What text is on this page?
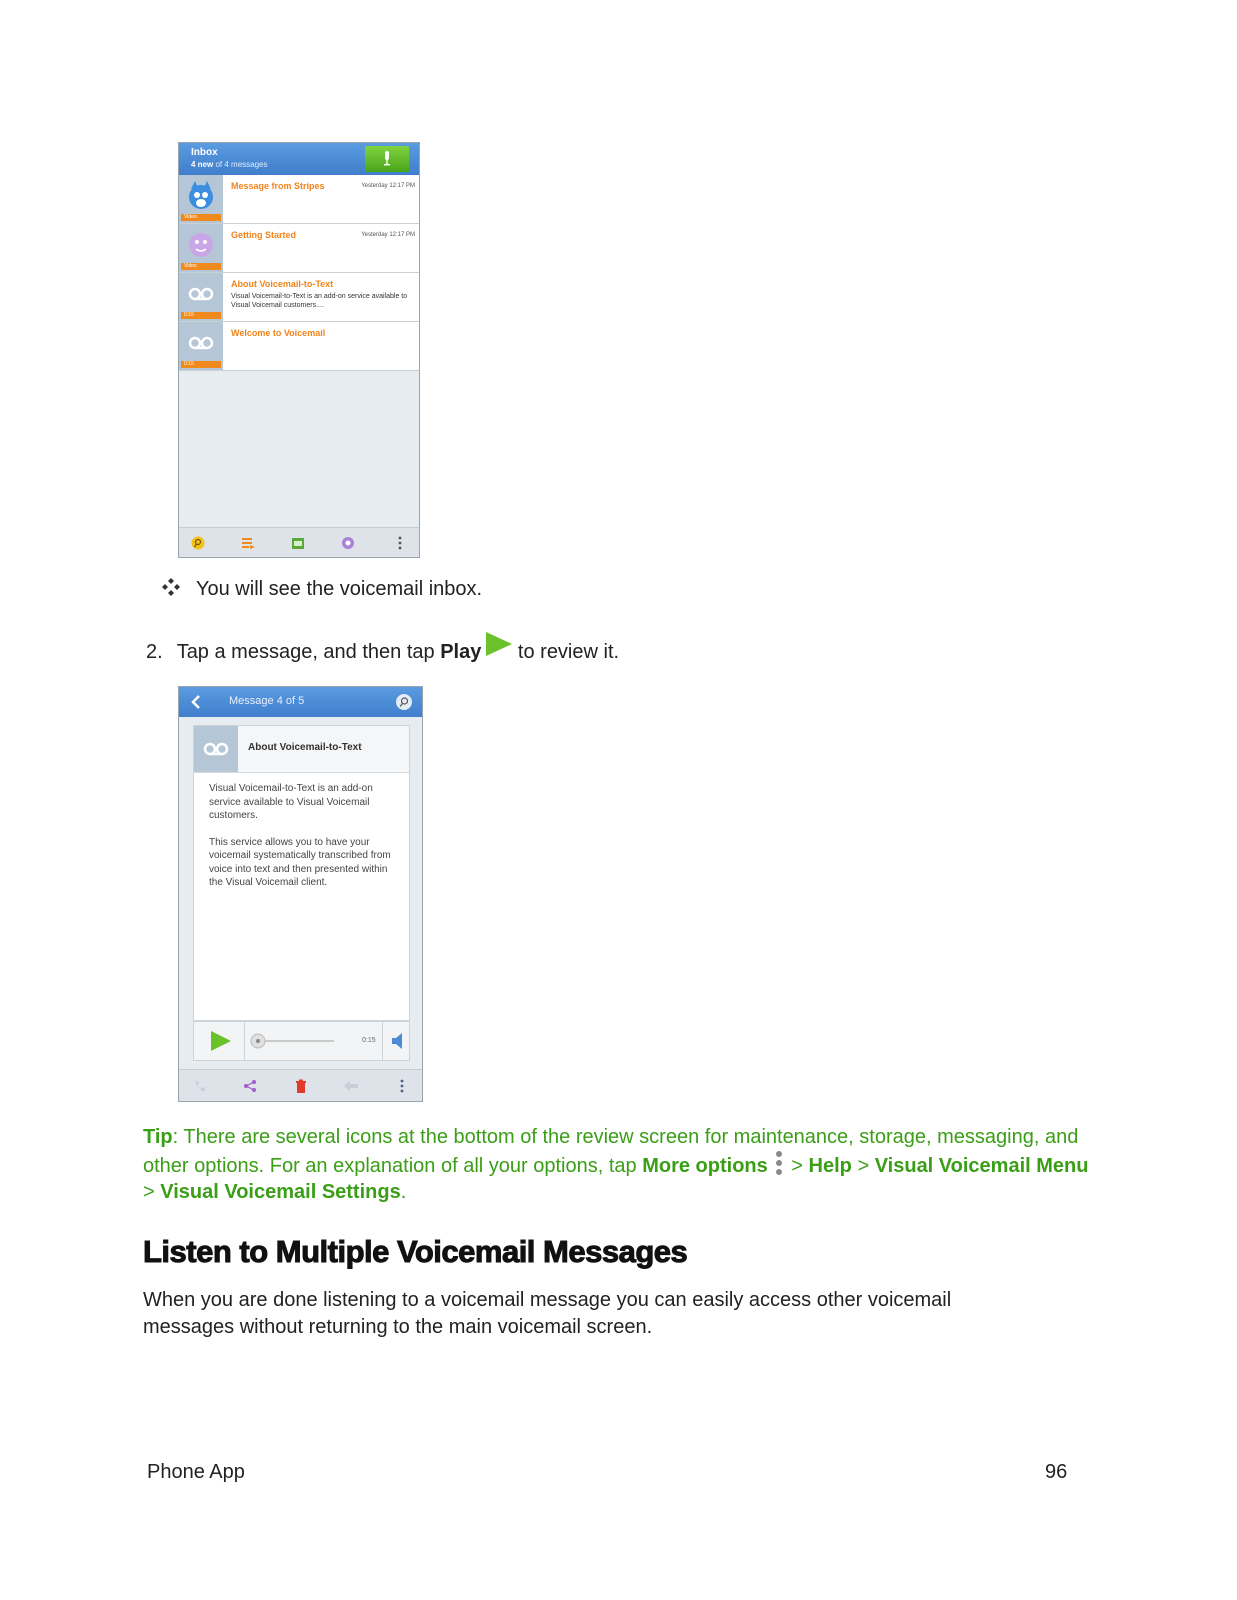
Inbox
4 new of 4 messages
Video
Message from Stripes	Yesterday 12:17 PM
Video
Getting Started	Yesterday 12:17 PM
0:15
About Voicemail-to-Text
Visual Voicemail-to-Text is an add-on service available to Visual Voicemail customers....
0:15
Welcome to Voicemail
You will see the voicemail inbox.
2. Tap a message, and then tap Play to review it.
Message 4 of 5
About Voicemail-to-Text

Visual Voicemail-to-Text is an add-on service available to Visual Voicemail customers.

This service allows you to have your voicemail systematically transcribed from voice into text and then presented within the Visual Voicemail client.

0:15
Tip: There are several icons at the bottom of the review screen for maintenance, storage, messaging, and other options. For an explanation of all your options, tap More options > Help > Visual Voicemail Menu > Visual Voicemail Settings.
Listen to Multiple Voicemail Messages
When you are done listening to a voicemail message you can easily access other voicemail messages without returning to the main voicemail screen.
Phone App	96
